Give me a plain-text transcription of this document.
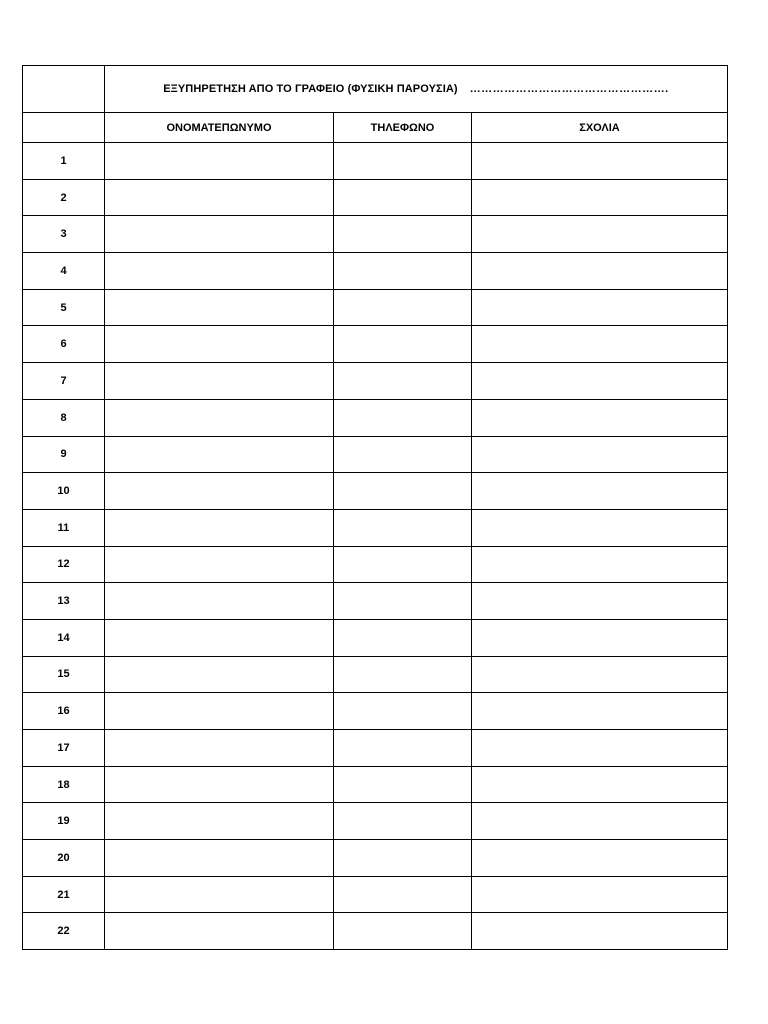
	ΕΞΥΠΗΡΕΤΗΣΗ ΑΠΟ ΤΟ ΓΡΑΦΕΙΟ (ΦΥΣΙΚΗ ΠΑΡΟΥΣΙΑ) …………………………………………….		
	ΟΝΟΜΑΤΕΠΩΝΥΜΟ	ΤΗΛΕΦΩΝΟ	ΣΧΟΛΙΑ
1			
2			
3			
4			
5			
6			
7			
8			
9			
10			
11			
12			
13			
14			
15			
16			
17			
18			
19			
20			
21			
22			
